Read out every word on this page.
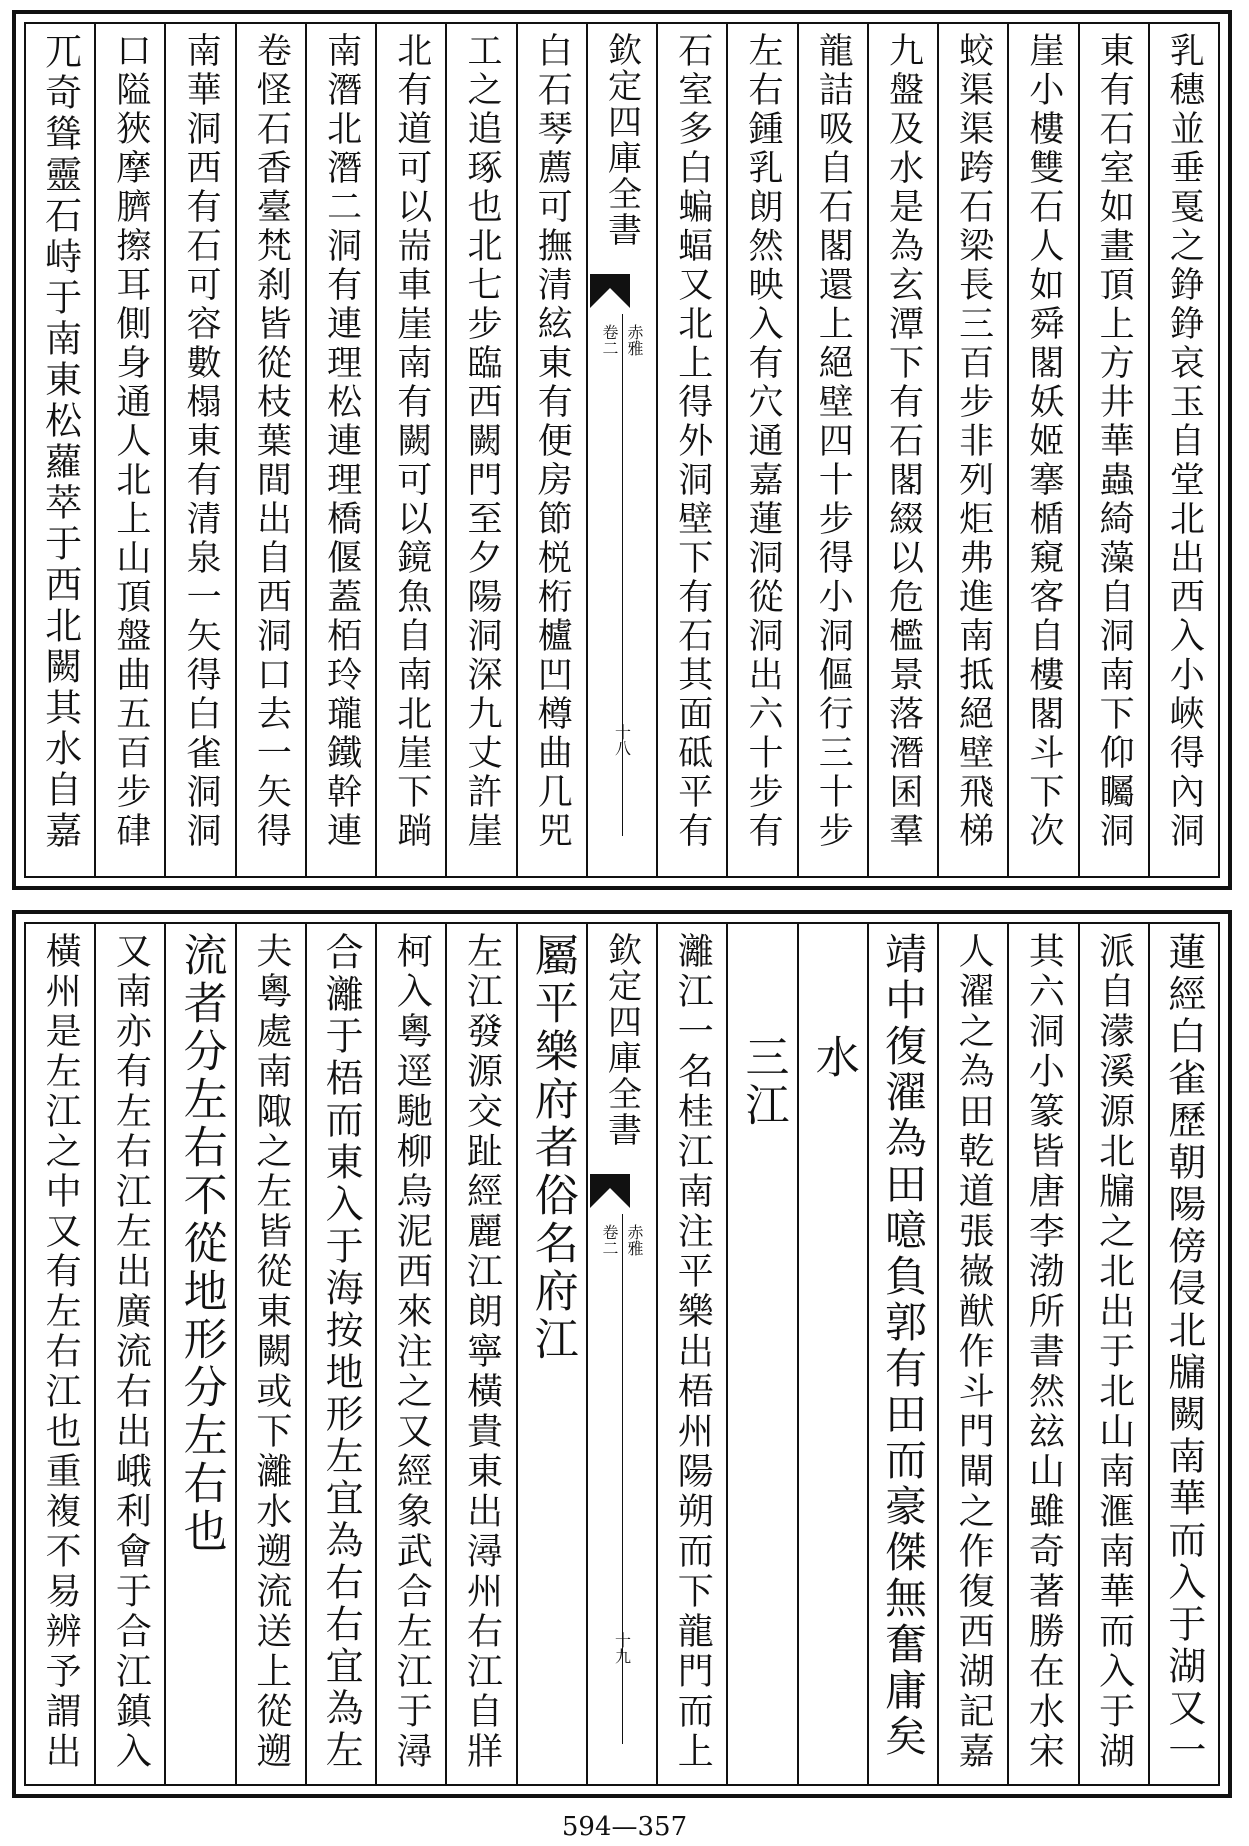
乳穗並垂戛之錚錚哀玉自堂北出西入小峽得內洞
東有石室如畫頂上方井華蟲綺藻自洞南下仰矚洞
崖小樓雙石人如舜閣妖姬搴楯窺客自樓閣斗下次
蛟渠渠跨石梁長三百步非列炬弗進南抵絕壁飛梯
九盤及水是為玄潭下有石閣綴以危檻景落潛囷羣
龍詰吸自石閣還上絕壁四十步得小洞傴行三十步
左右鍾乳朗然映入有穴通嘉蓮洞從洞出六十步有
石室多白蝙蝠又北上得外洞壁下有石其面砥平有
欽定四庫全書
赤雅
卷二
十八
白石琴薦可撫清絃東有便房節棁桁櫨凹樽曲几兕
工之追琢也北七步臨西闕門至夕陽洞深九丈許崖
北有道可以耑車崖南有闕可以鏡魚自南北崖下䠀
南潛北潛二洞有連理松連理橋偃蓋栢玲瓏鐵幹連
卷怪石香臺梵刹皆從枝葉間出自西洞口去一矢得
南華洞西有石可容數榻東有清泉一矢得白雀洞洞
口隘狹摩臍擦耳側身通人北上山頂盤曲五百步硉
兀奇聳靈石峙于南東松蘿萃于西北闕其水自嘉
蓮經白雀歷朝陽傍侵北牖闕南華而入于湖又一
派自濛溪源北牖之北出于北山南滙南華而入于湖
其六洞小篆皆唐李渤所書然玆山雖奇著勝在水宋
人濯之為田乾道張嶶猷作斗門閘之作復西湖記嘉
靖中復濯為田噫負郭有田而豪傑無奮庸矣
水
三江
灕江一名桂江南注平樂出梧州陽朔而下龍門而上
欽定四庫全書
赤雅
卷二
十九
屬平樂府者俗名府江
左江發源交趾經麗江朗寧橫貴東出潯州右江自牂
柯入粵逕馳柳烏泥西來注之又經象武合左江于潯
合灕于梧而東入于海按地形左宜為右右宜為左
夫粵處南陬之左皆從東闕或下灕水遡流送上從遡
流者分左右不從地形分左右也
又南亦有左右江左出廣流右出峨利會于合江鎮入
橫州是左江之中又有左右江也重複不易辨予謂出
594—357
